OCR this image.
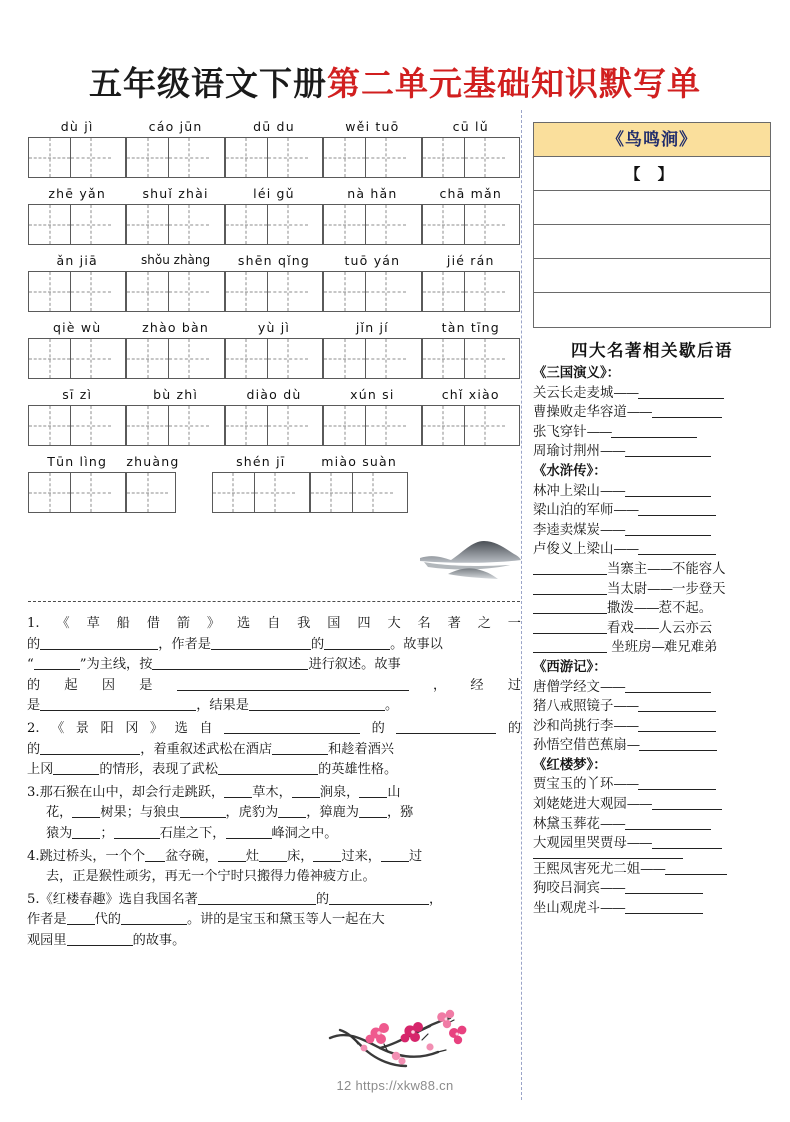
五年级语文下册第二单元基础知识默写单
dù jì	cáo jūn	dū du	wěi tuō	cū lǔ
zhē yǎn	shuǐ zhài	léi gǔ	nà hǎn	chā mǎn
ǎn jiā	shǒu zhàng	shēn qǐng	tuō yán	jié rán
qiè wù	zhào bàn	yù jì	jǐn jí	tàn tīng
sī zì	bù zhì	diào dù	xún si	chǐ xiào
Tūn lìng	zhuàng	shén jī	miào suàn

1.《草船借箭》选自我国四大名著之一

的	，作者是	的	。故事以

“	”为主线，按	进行叙述。故事

的起因是	，经过

是	，结果是	。

2.《景阳冈》选自	的	的

的	，着重叙述武松在酒店	和趁着酒兴

上冈	的情形，表现了武松	的英雄性格。

3.那石猴在山中，却会行走跳跃， 草木， 涧泉， 山

花， 树果；与狼虫	，虎豹为 ，獐鹿为 ，猕

猿为 ；	石崖之下，	峰洞之中。

4.跳过桥头，一个个 盆夺碗， 灶 床， 过来， 过

去，正是猴性顽劣，再无一个宁时只搬得力倦神疲方止。

5.《红楼春趣》选自我国名著	的	，

作者是 代的	。讲的是宝玉和黛玉等人一起在大

观园里	的故事。

12 https://xkw88.cn
《鸟鸣涧》
【 】
四大名著相关歇后语
《三国演义》：
关云长走麦城——
曹操败走华容道——
张飞穿针——
周瑜讨荆州——
《水浒传》：
林冲上梁山——
梁山泊的军师——
李逵卖煤炭——
卢俊义上梁山——
当寨主——不能容人
当太尉——一步登天
撒泼——惹不起。
看戏——人云亦云
坐班房—难兄难弟
《西游记》：
唐僧学经文——
猪八戒照镜子——
沙和尚挑行李——
孙悟空借芭蕉扇—
《红楼梦》：
贾宝玉的丫环——
刘姥姥进大观园——
林黛玉葬花——
大观园里哭贾母——
王熙凤害死尤二姐——
狗咬吕洞宾——
坐山观虎斗——
